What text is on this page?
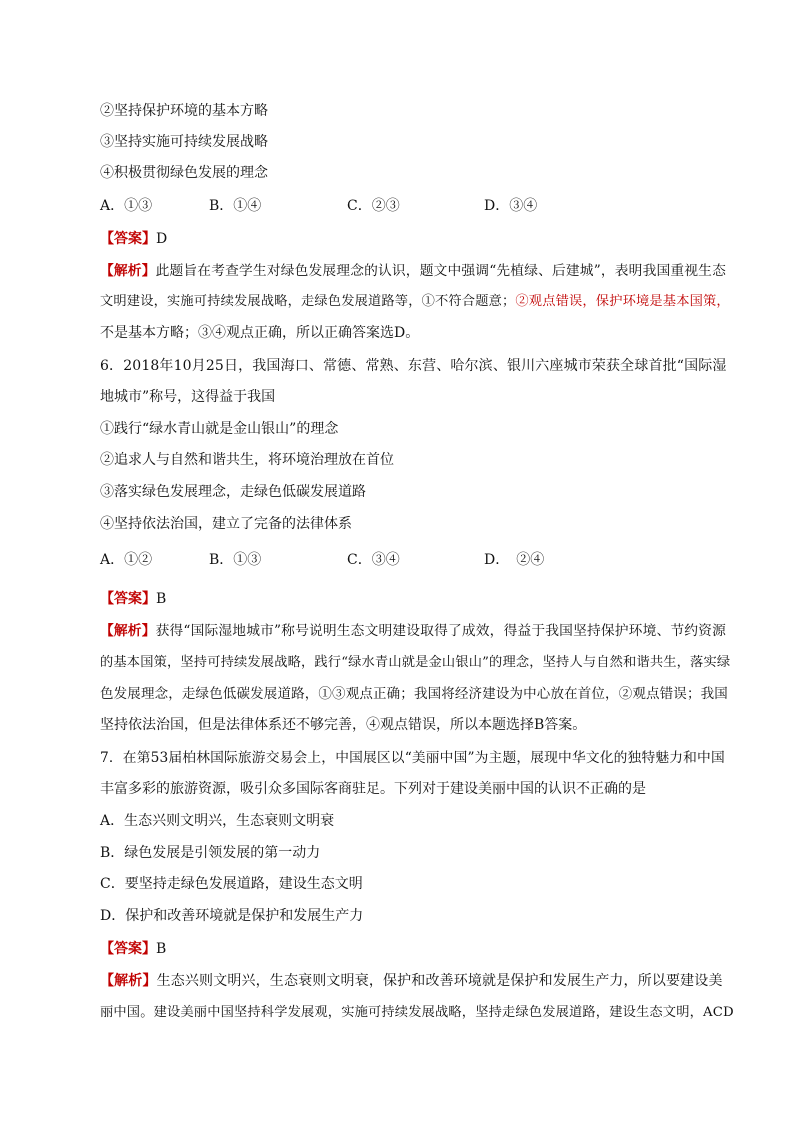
②坚持保护环境的基本方略
③坚持实施可持续发展战略
④积极贯彻绿色发展的理念
A．①③	B．①④	C．②③	D．③④
【答案】D
【解析】此题旨在考查学生对绿色发展理念的认识，题文中强调“先植绿、后建城”，表明我国重视生态
文明建设，实施可持续发展战略，走绿色发展道路等，①不符合题意；②观点错误，保护环境是基本国策，
不是基本方略；③④观点正确，所以正确答案选D。
6．2018年10月25日，我国海口、常德、常熟、东营、哈尔滨、银川六座城市荣获全球首批“国际湿
地城市”称号，这得益于我国
①践行“绿水青山就是金山银山”的理念
②追求人与自然和谐共生，将环境治理放在首位
③落实绿色发展理念，走绿色低碳发展道路
④坚持依法治国，建立了完备的法律体系
A．①②	B．①③	C．③④	D．　②④
【答案】B
【解析】获得“国际湿地城市”称号说明生态文明建设取得了成效，得益于我国坚持保护环境、节约资源
的基本国策，坚持可持续发展战略，践行“绿水青山就是金山银山”的理念，坚持人与自然和谐共生，落实绿
色发展理念，走绿色低碳发展道路，①③观点正确；我国将经济建设为中心放在首位，②观点错误；我国
坚持依法治国，但是法律体系还不够完善，④观点错误，所以本题选择B答案。
7．在第53届柏林国际旅游交易会上，中国展区以“美丽中国”为主题，展现中华文化的独特魅力和中国
丰富多彩的旅游资源，吸引众多国际客商驻足。下列对于建设美丽中国的认识不正确的是
A．生态兴则文明兴，生态衰则文明衰
B．绿色发展是引领发展的第一动力
C．要坚持走绿色发展道路，建设生态文明
D．保护和改善环境就是保护和发展生产力
【答案】B
【解析】生态兴则文明兴，生态衰则文明衰，保护和改善环境就是保护和发展生产力，所以要建设美
丽中国。建设美丽中国坚持科学发展观，实施可持续发展战略，坚持走绿色发展道路，建设生态文明，ACD
